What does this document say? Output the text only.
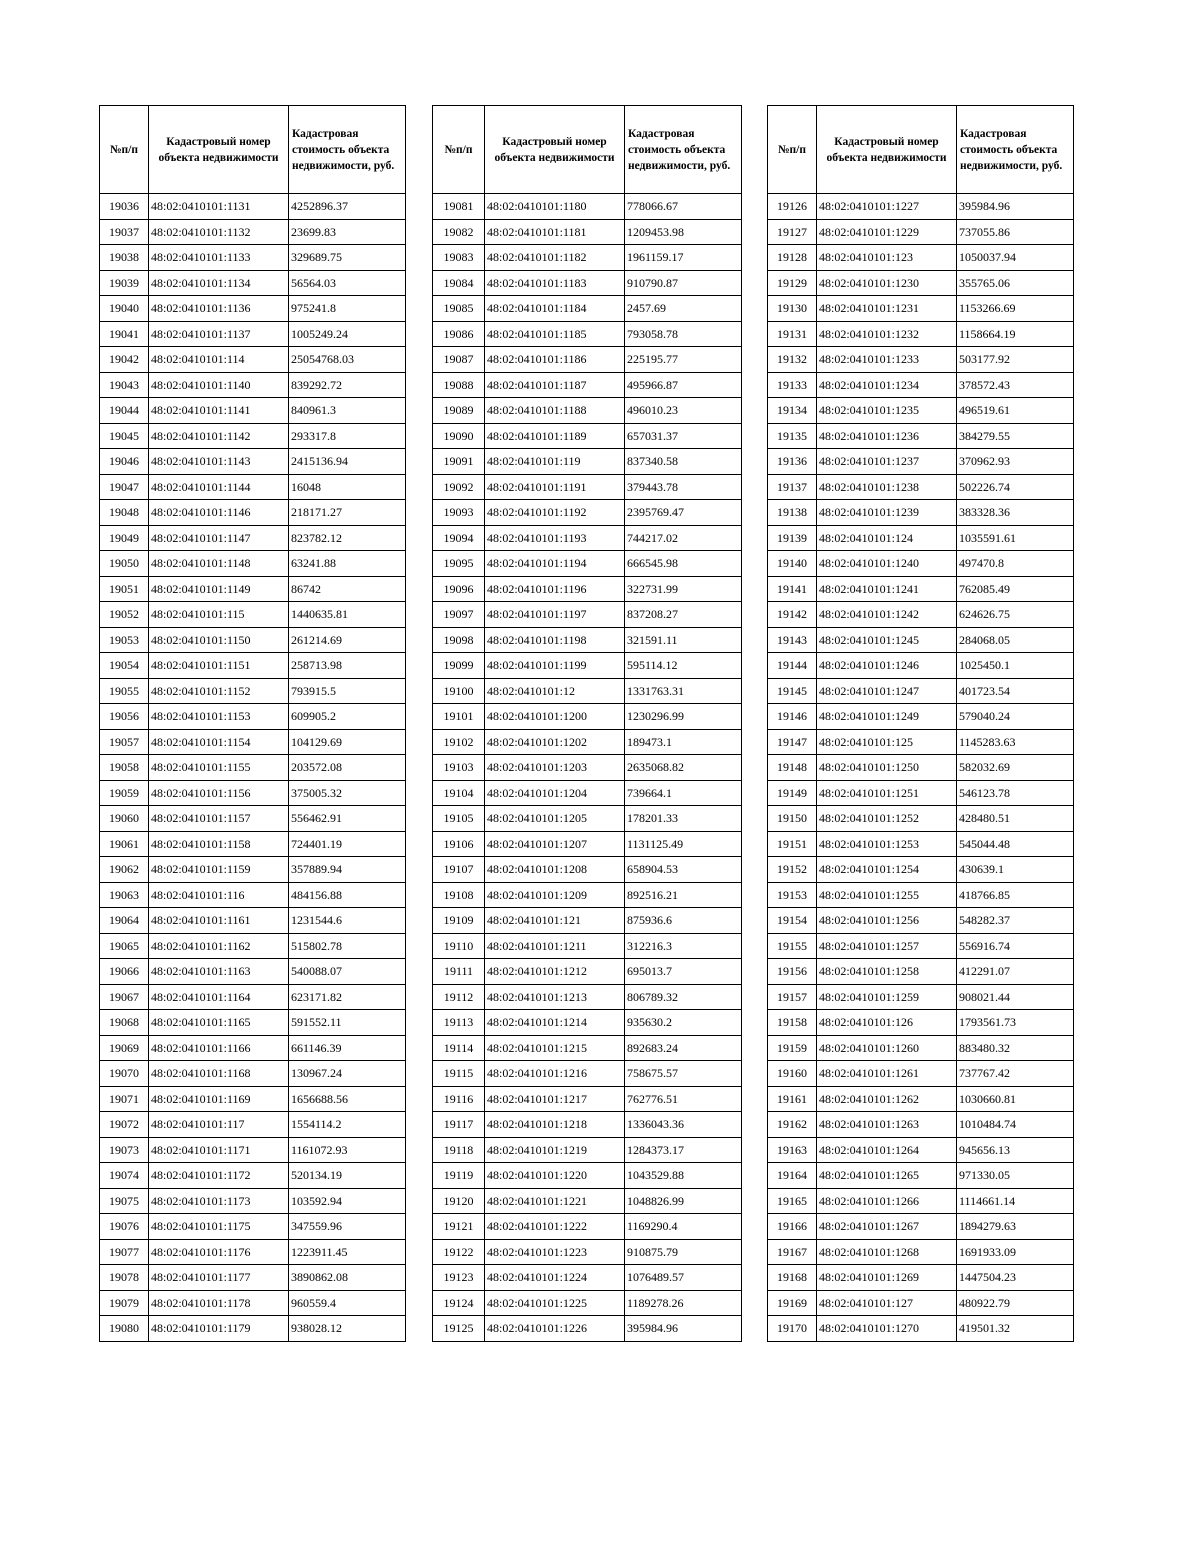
№п/п	Кадастровый номер объекта недвижимости	Кадастровая стоимость объекта недвижимости, руб.
19036	48:02:0410101:1131	4252896.37
19037	48:02:0410101:1132	23699.83
19038	48:02:0410101:1133	329689.75
19039	48:02:0410101:1134	56564.03
19040	48:02:0410101:1136	975241.8
19041	48:02:0410101:1137	1005249.24
19042	48:02:0410101:114	25054768.03
19043	48:02:0410101:1140	839292.72
19044	48:02:0410101:1141	840961.3
19045	48:02:0410101:1142	293317.8
19046	48:02:0410101:1143	2415136.94
19047	48:02:0410101:1144	16048
19048	48:02:0410101:1146	218171.27
19049	48:02:0410101:1147	823782.12
19050	48:02:0410101:1148	63241.88
19051	48:02:0410101:1149	86742
19052	48:02:0410101:115	1440635.81
19053	48:02:0410101:1150	261214.69
19054	48:02:0410101:1151	258713.98
19055	48:02:0410101:1152	793915.5
19056	48:02:0410101:1153	609905.2
19057	48:02:0410101:1154	104129.69
19058	48:02:0410101:1155	203572.08
19059	48:02:0410101:1156	375005.32
19060	48:02:0410101:1157	556462.91
19061	48:02:0410101:1158	724401.19
19062	48:02:0410101:1159	357889.94
19063	48:02:0410101:116	484156.88
19064	48:02:0410101:1161	1231544.6
19065	48:02:0410101:1162	515802.78
19066	48:02:0410101:1163	540088.07
19067	48:02:0410101:1164	623171.82
19068	48:02:0410101:1165	591552.11
19069	48:02:0410101:1166	661146.39
19070	48:02:0410101:1168	130967.24
19071	48:02:0410101:1169	1656688.56
19072	48:02:0410101:117	1554114.2
19073	48:02:0410101:1171	1161072.93
19074	48:02:0410101:1172	520134.19
19075	48:02:0410101:1173	103592.94
19076	48:02:0410101:1175	347559.96
19077	48:02:0410101:1176	1223911.45
19078	48:02:0410101:1177	3890862.08
19079	48:02:0410101:1178	960559.4
19080	48:02:0410101:1179	938028.12
№п/п	Кадастровый номер объекта недвижимости	Кадастровая стоимость объекта недвижимости, руб.
19081	48:02:0410101:1180	778066.67
19082	48:02:0410101:1181	1209453.98
19083	48:02:0410101:1182	1961159.17
19084	48:02:0410101:1183	910790.87
19085	48:02:0410101:1184	2457.69
19086	48:02:0410101:1185	793058.78
19087	48:02:0410101:1186	225195.77
19088	48:02:0410101:1187	495966.87
19089	48:02:0410101:1188	496010.23
19090	48:02:0410101:1189	657031.37
19091	48:02:0410101:119	837340.58
19092	48:02:0410101:1191	379443.78
19093	48:02:0410101:1192	2395769.47
19094	48:02:0410101:1193	744217.02
19095	48:02:0410101:1194	666545.98
19096	48:02:0410101:1196	322731.99
19097	48:02:0410101:1197	837208.27
19098	48:02:0410101:1198	321591.11
19099	48:02:0410101:1199	595114.12
19100	48:02:0410101:12	1331763.31
19101	48:02:0410101:1200	1230296.99
19102	48:02:0410101:1202	189473.1
19103	48:02:0410101:1203	2635068.82
19104	48:02:0410101:1204	739664.1
19105	48:02:0410101:1205	178201.33
19106	48:02:0410101:1207	1131125.49
19107	48:02:0410101:1208	658904.53
19108	48:02:0410101:1209	892516.21
19109	48:02:0410101:121	875936.6
19110	48:02:0410101:1211	312216.3
19111	48:02:0410101:1212	695013.7
19112	48:02:0410101:1213	806789.32
19113	48:02:0410101:1214	935630.2
19114	48:02:0410101:1215	892683.24
19115	48:02:0410101:1216	758675.57
19116	48:02:0410101:1217	762776.51
19117	48:02:0410101:1218	1336043.36
19118	48:02:0410101:1219	1284373.17
19119	48:02:0410101:1220	1043529.88
19120	48:02:0410101:1221	1048826.99
19121	48:02:0410101:1222	1169290.4
19122	48:02:0410101:1223	910875.79
19123	48:02:0410101:1224	1076489.57
19124	48:02:0410101:1225	1189278.26
19125	48:02:0410101:1226	395984.96
№п/п	Кадастровый номер объекта недвижимости	Кадастровая стоимость объекта недвижимости, руб.
19126	48:02:0410101:1227	395984.96
19127	48:02:0410101:1229	737055.86
19128	48:02:0410101:123	1050037.94
19129	48:02:0410101:1230	355765.06
19130	48:02:0410101:1231	1153266.69
19131	48:02:0410101:1232	1158664.19
19132	48:02:0410101:1233	503177.92
19133	48:02:0410101:1234	378572.43
19134	48:02:0410101:1235	496519.61
19135	48:02:0410101:1236	384279.55
19136	48:02:0410101:1237	370962.93
19137	48:02:0410101:1238	502226.74
19138	48:02:0410101:1239	383328.36
19139	48:02:0410101:124	1035591.61
19140	48:02:0410101:1240	497470.8
19141	48:02:0410101:1241	762085.49
19142	48:02:0410101:1242	624626.75
19143	48:02:0410101:1245	284068.05
19144	48:02:0410101:1246	1025450.1
19145	48:02:0410101:1247	401723.54
19146	48:02:0410101:1249	579040.24
19147	48:02:0410101:125	1145283.63
19148	48:02:0410101:1250	582032.69
19149	48:02:0410101:1251	546123.78
19150	48:02:0410101:1252	428480.51
19151	48:02:0410101:1253	545044.48
19152	48:02:0410101:1254	430639.1
19153	48:02:0410101:1255	418766.85
19154	48:02:0410101:1256	548282.37
19155	48:02:0410101:1257	556916.74
19156	48:02:0410101:1258	412291.07
19157	48:02:0410101:1259	908021.44
19158	48:02:0410101:126	1793561.73
19159	48:02:0410101:1260	883480.32
19160	48:02:0410101:1261	737767.42
19161	48:02:0410101:1262	1030660.81
19162	48:02:0410101:1263	1010484.74
19163	48:02:0410101:1264	945656.13
19164	48:02:0410101:1265	971330.05
19165	48:02:0410101:1266	1114661.14
19166	48:02:0410101:1267	1894279.63
19167	48:02:0410101:1268	1691933.09
19168	48:02:0410101:1269	1447504.23
19169	48:02:0410101:127	480922.79
19170	48:02:0410101:1270	419501.32
